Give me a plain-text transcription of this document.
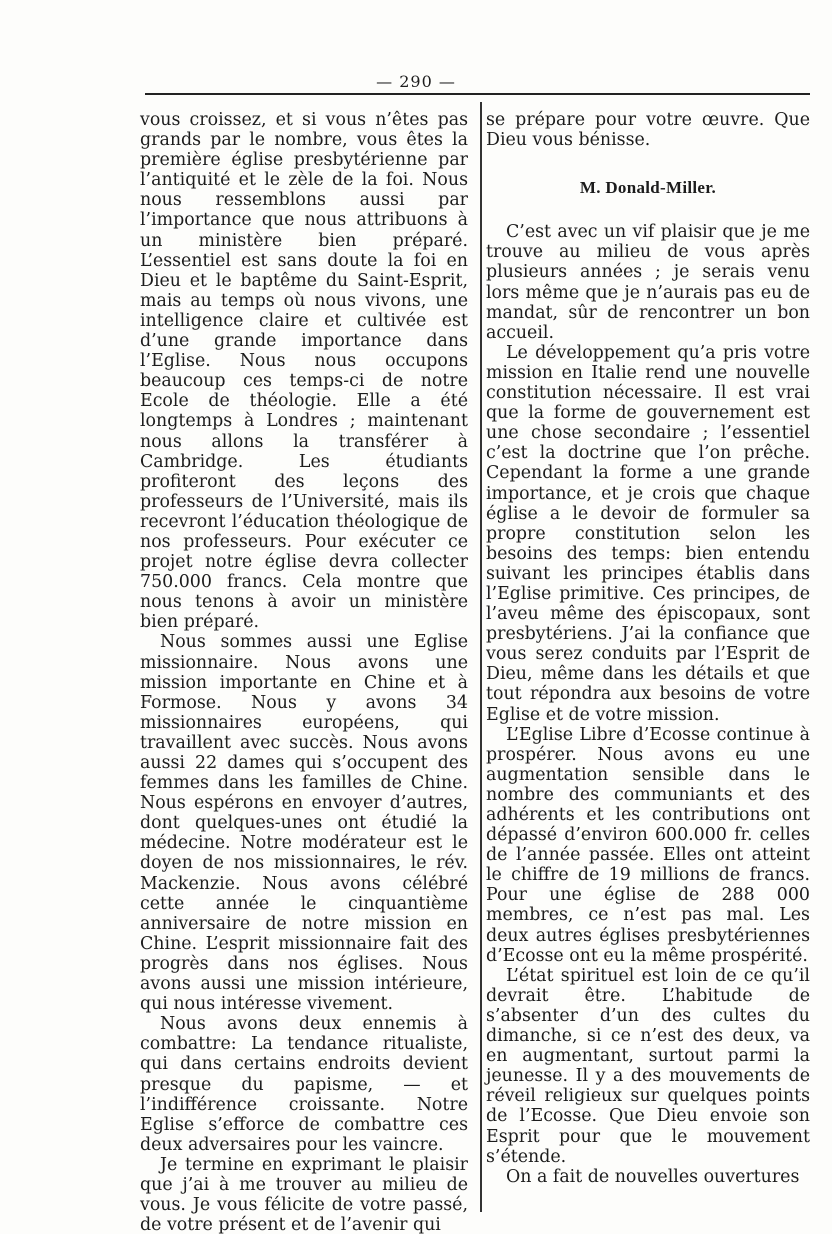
— 290 —

vous croissez, et si vous n’êtes pas grands par le nombre, vous êtes la première église presbytérienne par l’antiquité et le zèle de la foi. Nous nous ressemblons aussi par l’importance que nous attribuons à un ministère bien préparé. L’essentiel est sans doute la foi en Dieu et le baptême du Saint-Esprit, mais au temps où nous vivons, une intelligence claire et cultivée est d’une grande importance dans l’Eglise. Nous nous occupons beaucoup ces temps-ci de notre Ecole de théologie. Elle a été longtemps à Londres ; maintenant nous allons la transférer à Cambridge. Les étudiants profiteront des leçons des professeurs de l’Université, mais ils recevront l’éducation théologique de nos professeurs. Pour exécuter ce projet notre église devra collecter 750.000 francs. Cela montre que nous tenons à avoir un ministère bien préparé.

Nous sommes aussi une Eglise missionnaire. Nous avons une mission importante en Chine et à Formose. Nous y avons 34 missionnaires européens, qui travaillent avec succès. Nous avons aussi 22 dames qui s’occupent des femmes dans les familles de Chine. Nous espérons en envoyer d’autres, dont quelques-unes ont étudié la médecine. Notre modérateur est le doyen de nos missionnaires, le rév. Mackenzie. Nous avons célébré cette année le cinquantième anniversaire de notre mission en Chine. L’esprit missionnaire fait des progrès dans nos églises. Nous avons aussi une mission intérieure, qui nous intéresse vivement.

Nous avons deux ennemis à combattre: La tendance ritualiste, qui dans certains endroits devient presque du papisme, — et l’indifférence croissante. Notre Eglise s’efforce de combattre ces deux adversaires pour les vaincre.

Je termine en exprimant le plaisir que j’ai à me trouver au milieu de vous. Je vous félicite de votre passé, de votre présent et de l’avenir qui

se prépare pour votre œuvre. Que Dieu vous bénisse.

M. Donald-Miller.

C’est avec un vif plaisir que je me trouve au milieu de vous après plusieurs années ; je serais venu lors même que je n’aurais pas eu de mandat, sûr de rencontrer un bon accueil.

Le développement qu’a pris votre mission en Italie rend une nouvelle constitution nécessaire. Il est vrai que la forme de gouvernement est une chose secondaire ; l’essentiel c’est la doctrine que l’on prêche. Cependant la forme a une grande importance, et je crois que chaque église a le devoir de formuler sa propre constitution selon les besoins des temps: bien entendu suivant les principes établis dans l’Eglise primitive. Ces principes, de l’aveu même des épiscopaux, sont presbytériens. J’ai la confiance que vous serez conduits par l’Esprit de Dieu, même dans les détails et que tout répondra aux besoins de votre Eglise et de votre mission.

L’Eglise Libre d’Ecosse continue à prospérer. Nous avons eu une augmentation sensible dans le nombre des communiants et des adhérents et les contributions ont dépassé d’environ 600.000 fr. celles de l’année passée. Elles ont atteint le chiffre de 19 millions de francs. Pour une église de 288 000 membres, ce n’est pas mal. Les deux autres églises presbytériennes d’Ecosse ont eu la même prospérité.

L’état spirituel est loin de ce qu’il devrait être. L’habitude de s’absenter d’un des cultes du dimanche, si ce n’est des deux, va en augmentant, surtout parmi la jeunesse. Il y a des mouvements de réveil religieux sur quelques points de l’Ecosse. Que Dieu envoie son Esprit pour que le mouvement s’étende.

On a fait de nouvelles ouvertures
